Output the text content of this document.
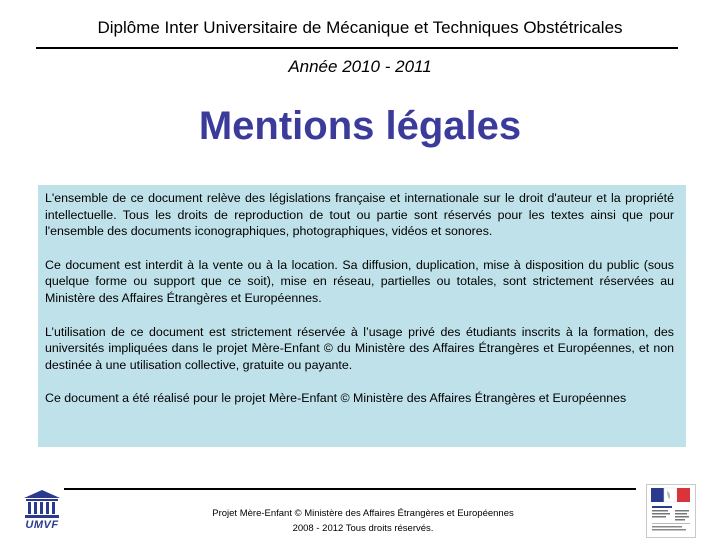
Diplôme Inter Universitaire de Mécanique et Techniques Obstétricales
Année 2010 - 2011
Mentions légales

L'ensemble de ce document relève des législations française et internationale sur le droit d'auteur et la propriété intellectuelle. Tous les droits de reproduction de tout ou partie sont réservés pour les textes ainsi que pour l'ensemble des documents iconographiques, photographiques, vidéos et sonores.

Ce document est interdit à la vente ou à la location. Sa diffusion, duplication, mise à disposition du public (sous quelque forme ou support que ce soit), mise en réseau, partielles ou totales, sont strictement réservées au Ministère des Affaires Étrangères et Européennes.

L’utilisation de ce document est strictement réservée à l’usage privé des étudiants inscrits à la formation, des universités impliquées dans le projet Mère-Enfant © du Ministère des Affaires Étrangères et Européennes, et non destinée à une utilisation collective, gratuite ou payante.

Ce document a été réalisé pour le projet Mère-Enfant © Ministère des Affaires Étrangères et Européennes

UMVF
Projet Mère-Enfant © Ministère des Affaires Étrangères et Européennes
2008 - 2012 Tous droits réservés.
